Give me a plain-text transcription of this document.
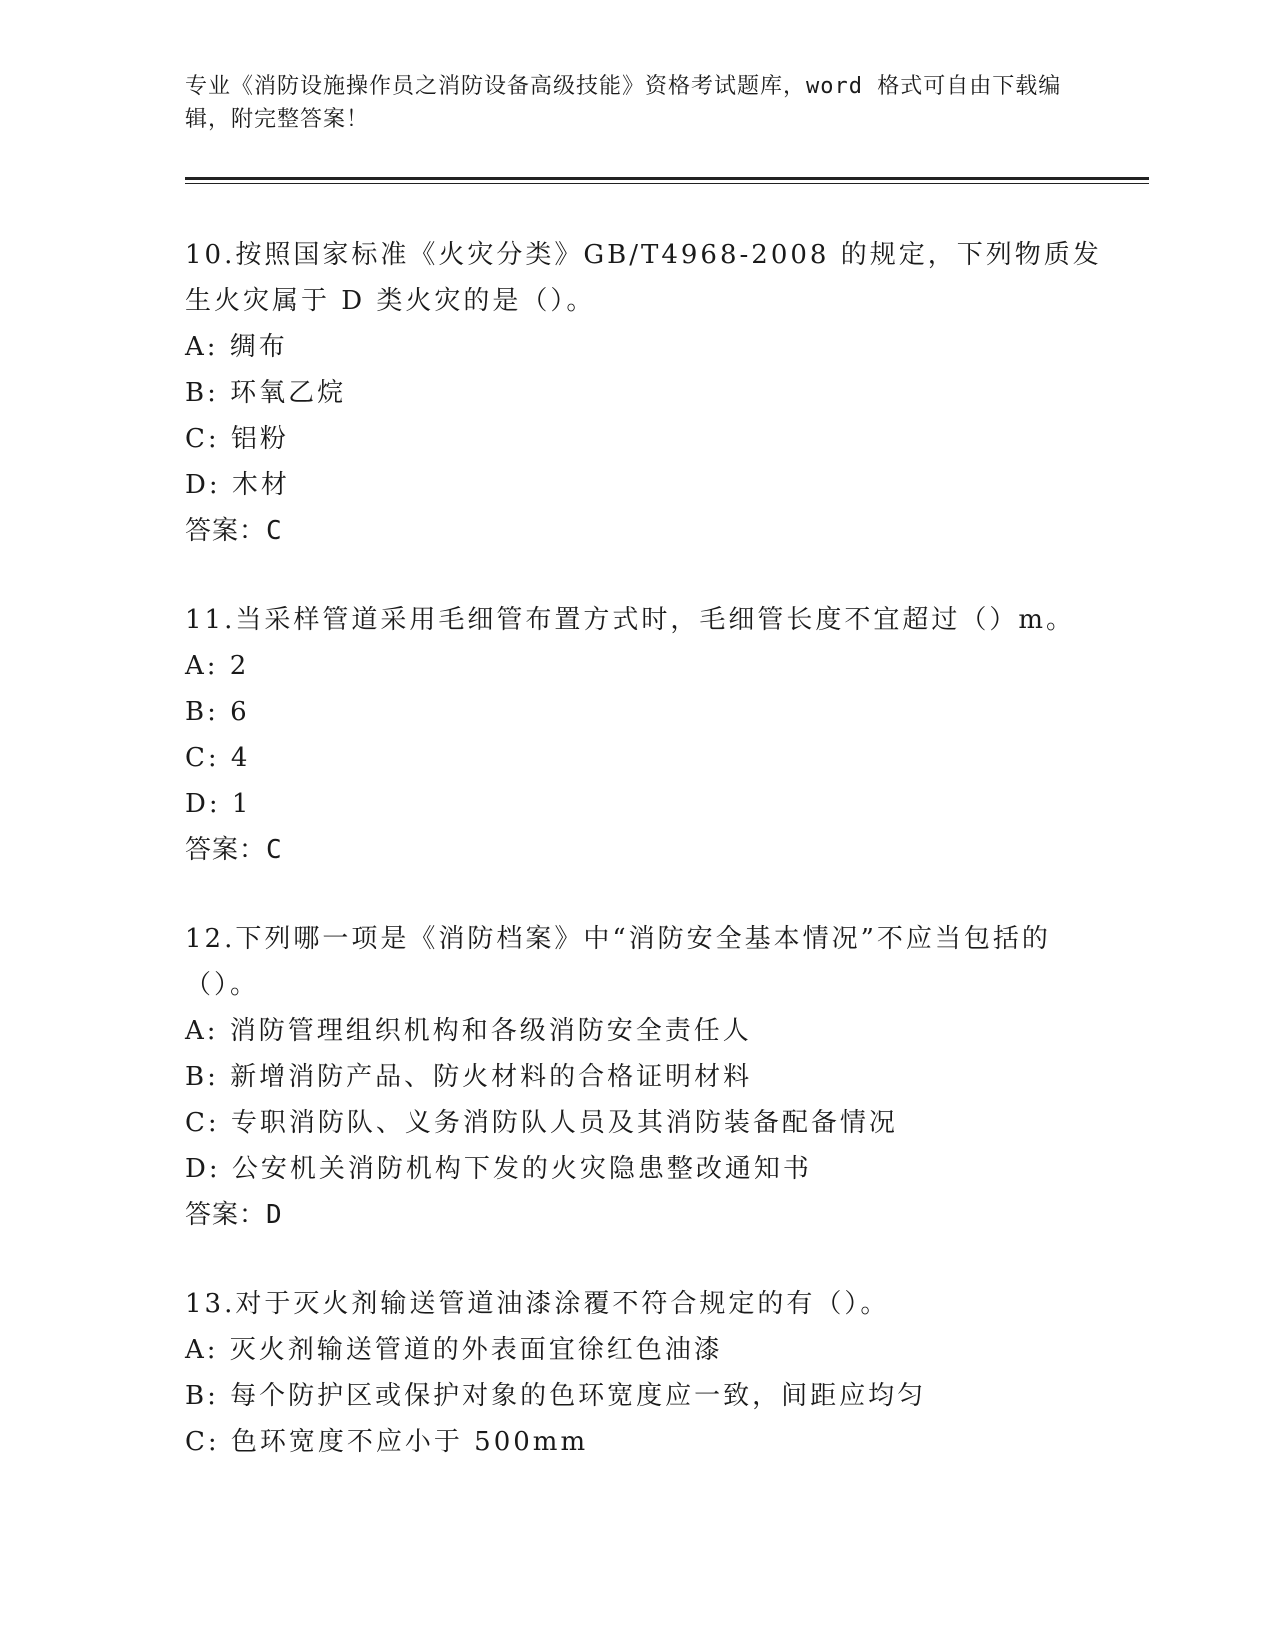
专业《消防设施操作员之消防设备高级技能》资格考试题库，word 格式可自由下载编辑，附完整答案！
10.按照国家标准《火灾分类》GB/T4968-2008 的规定，下列物质发生火灾属于 D 类火灾的是（）。
A: 绸布
B: 环氧乙烷
C: 铝粉
D: 木材
答案：C
11.当采样管道采用毛细管布置方式时，毛细管长度不宜超过（）m。
A: 2
B: 6
C: 4
D: 1
答案：C
12.下列哪一项是《消防档案》中“消防安全基本情况”不应当包括的（）。
A: 消防管理组织机构和各级消防安全责任人
B: 新增消防产品、防火材料的合格证明材料
C: 专职消防队、义务消防队人员及其消防装备配备情况
D: 公安机关消防机构下发的火灾隐患整改通知书
答案：D
13.对于灭火剂输送管道油漆涂覆不符合规定的有（）。
A: 灭火剂输送管道的外表面宜徐红色油漆
B: 每个防护区或保护对象的色环宽度应一致，间距应均匀
C: 色环宽度不应小于 500mm
